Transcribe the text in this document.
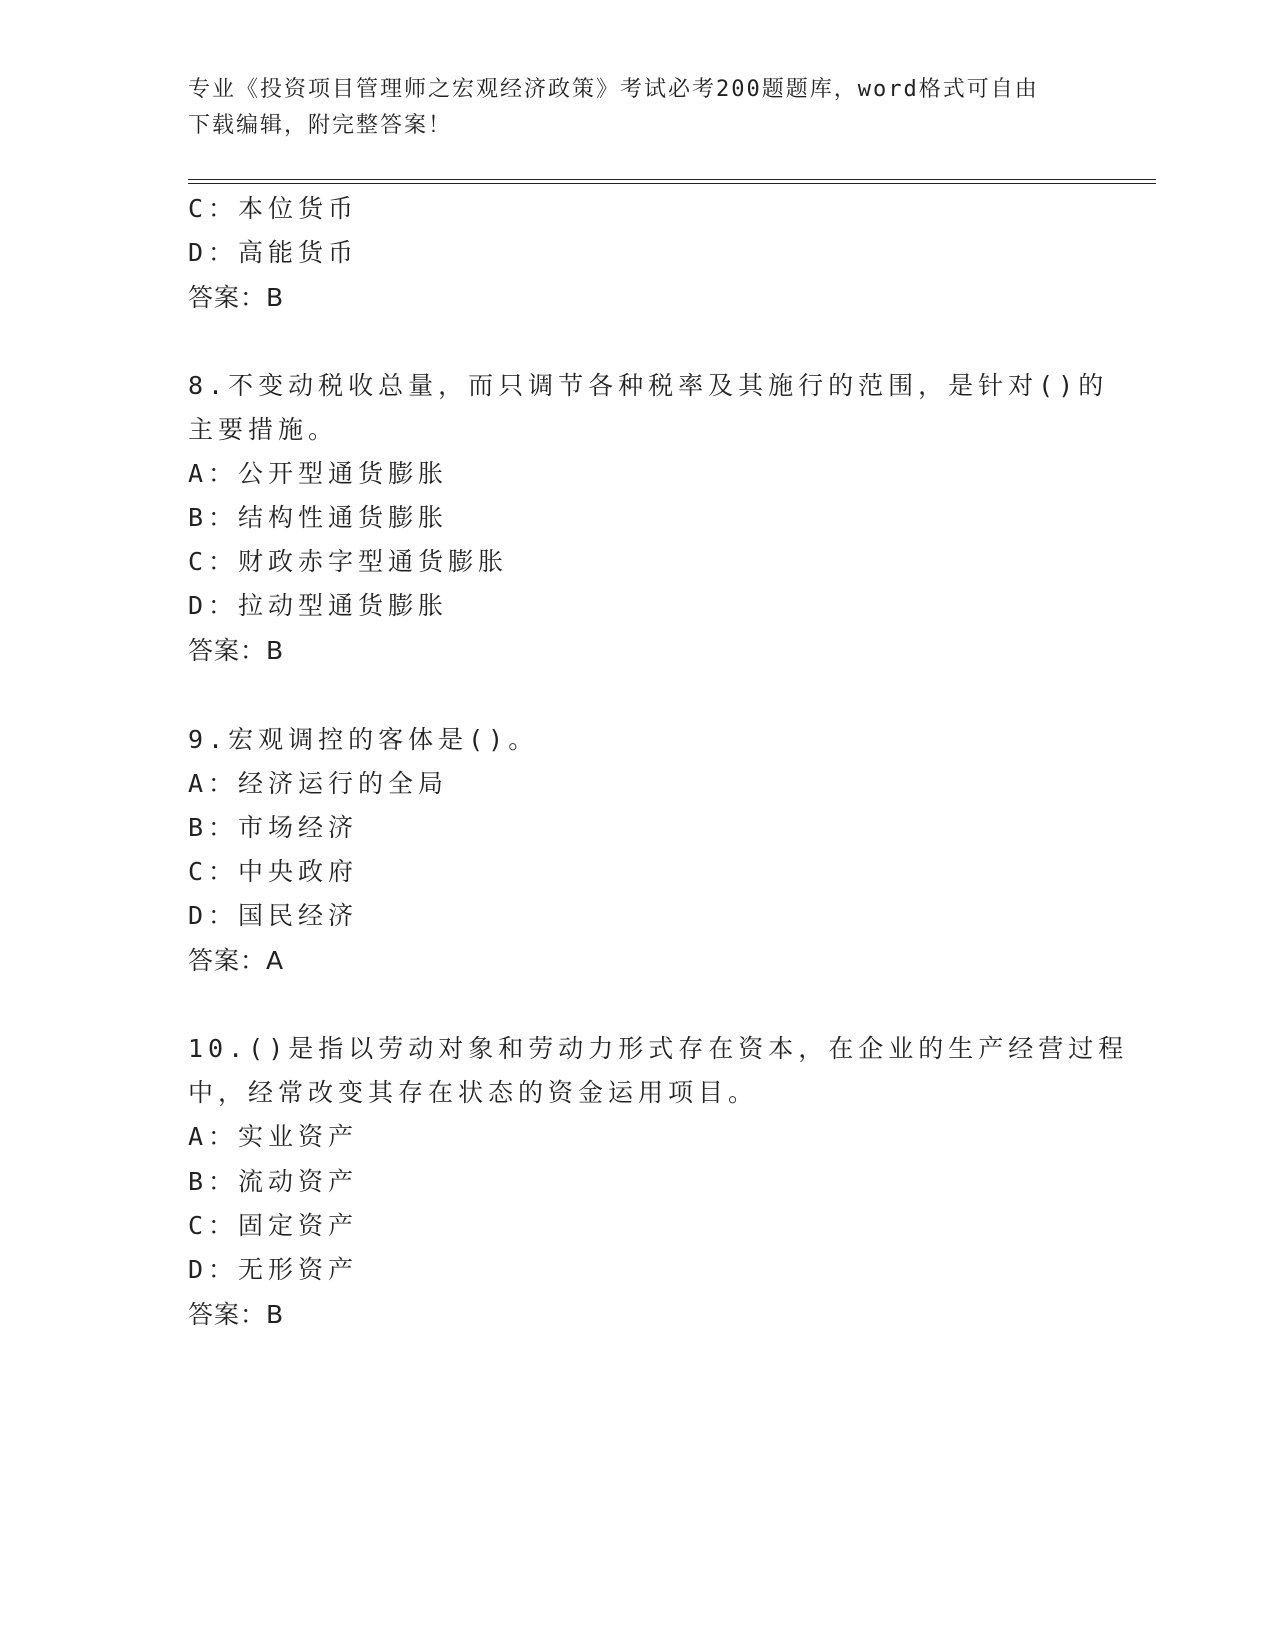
专业《投资项目管理师之宏观经济政策》考试必考200题题库，word格式可自由
下载编辑，附完整答案！
C：本位货币
D：高能货币
答案：B
8.不变动税收总量，而只调节各种税率及其施行的范围，是针对()的
主要措施。
A：公开型通货膨胀
B：结构性通货膨胀
C：财政赤字型通货膨胀
D：拉动型通货膨胀
答案：B
9.宏观调控的客体是()。
A：经济运行的全局
B：市场经济
C：中央政府
D：国民经济
答案：A
10.()是指以劳动对象和劳动力形式存在资本，在企业的生产经营过程
中，经常改变其存在状态的资金运用项目。
A：实业资产
B：流动资产
C：固定资产
D：无形资产
答案：B
